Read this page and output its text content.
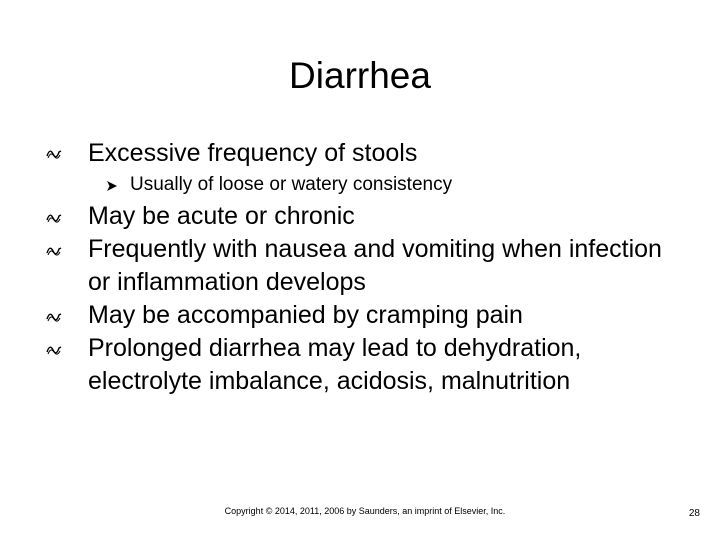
Diarrhea
Excessive frequency of stools
Usually of loose or watery consistency
May be acute or chronic
Frequently with nausea and vomiting when infection or inflammation develops
May be accompanied by cramping pain
Prolonged diarrhea may lead to dehydration, electrolyte imbalance, acidosis, malnutrition
Copyright © 2014, 2011, 2006 by Saunders, an imprint of Elsevier, Inc.	28
